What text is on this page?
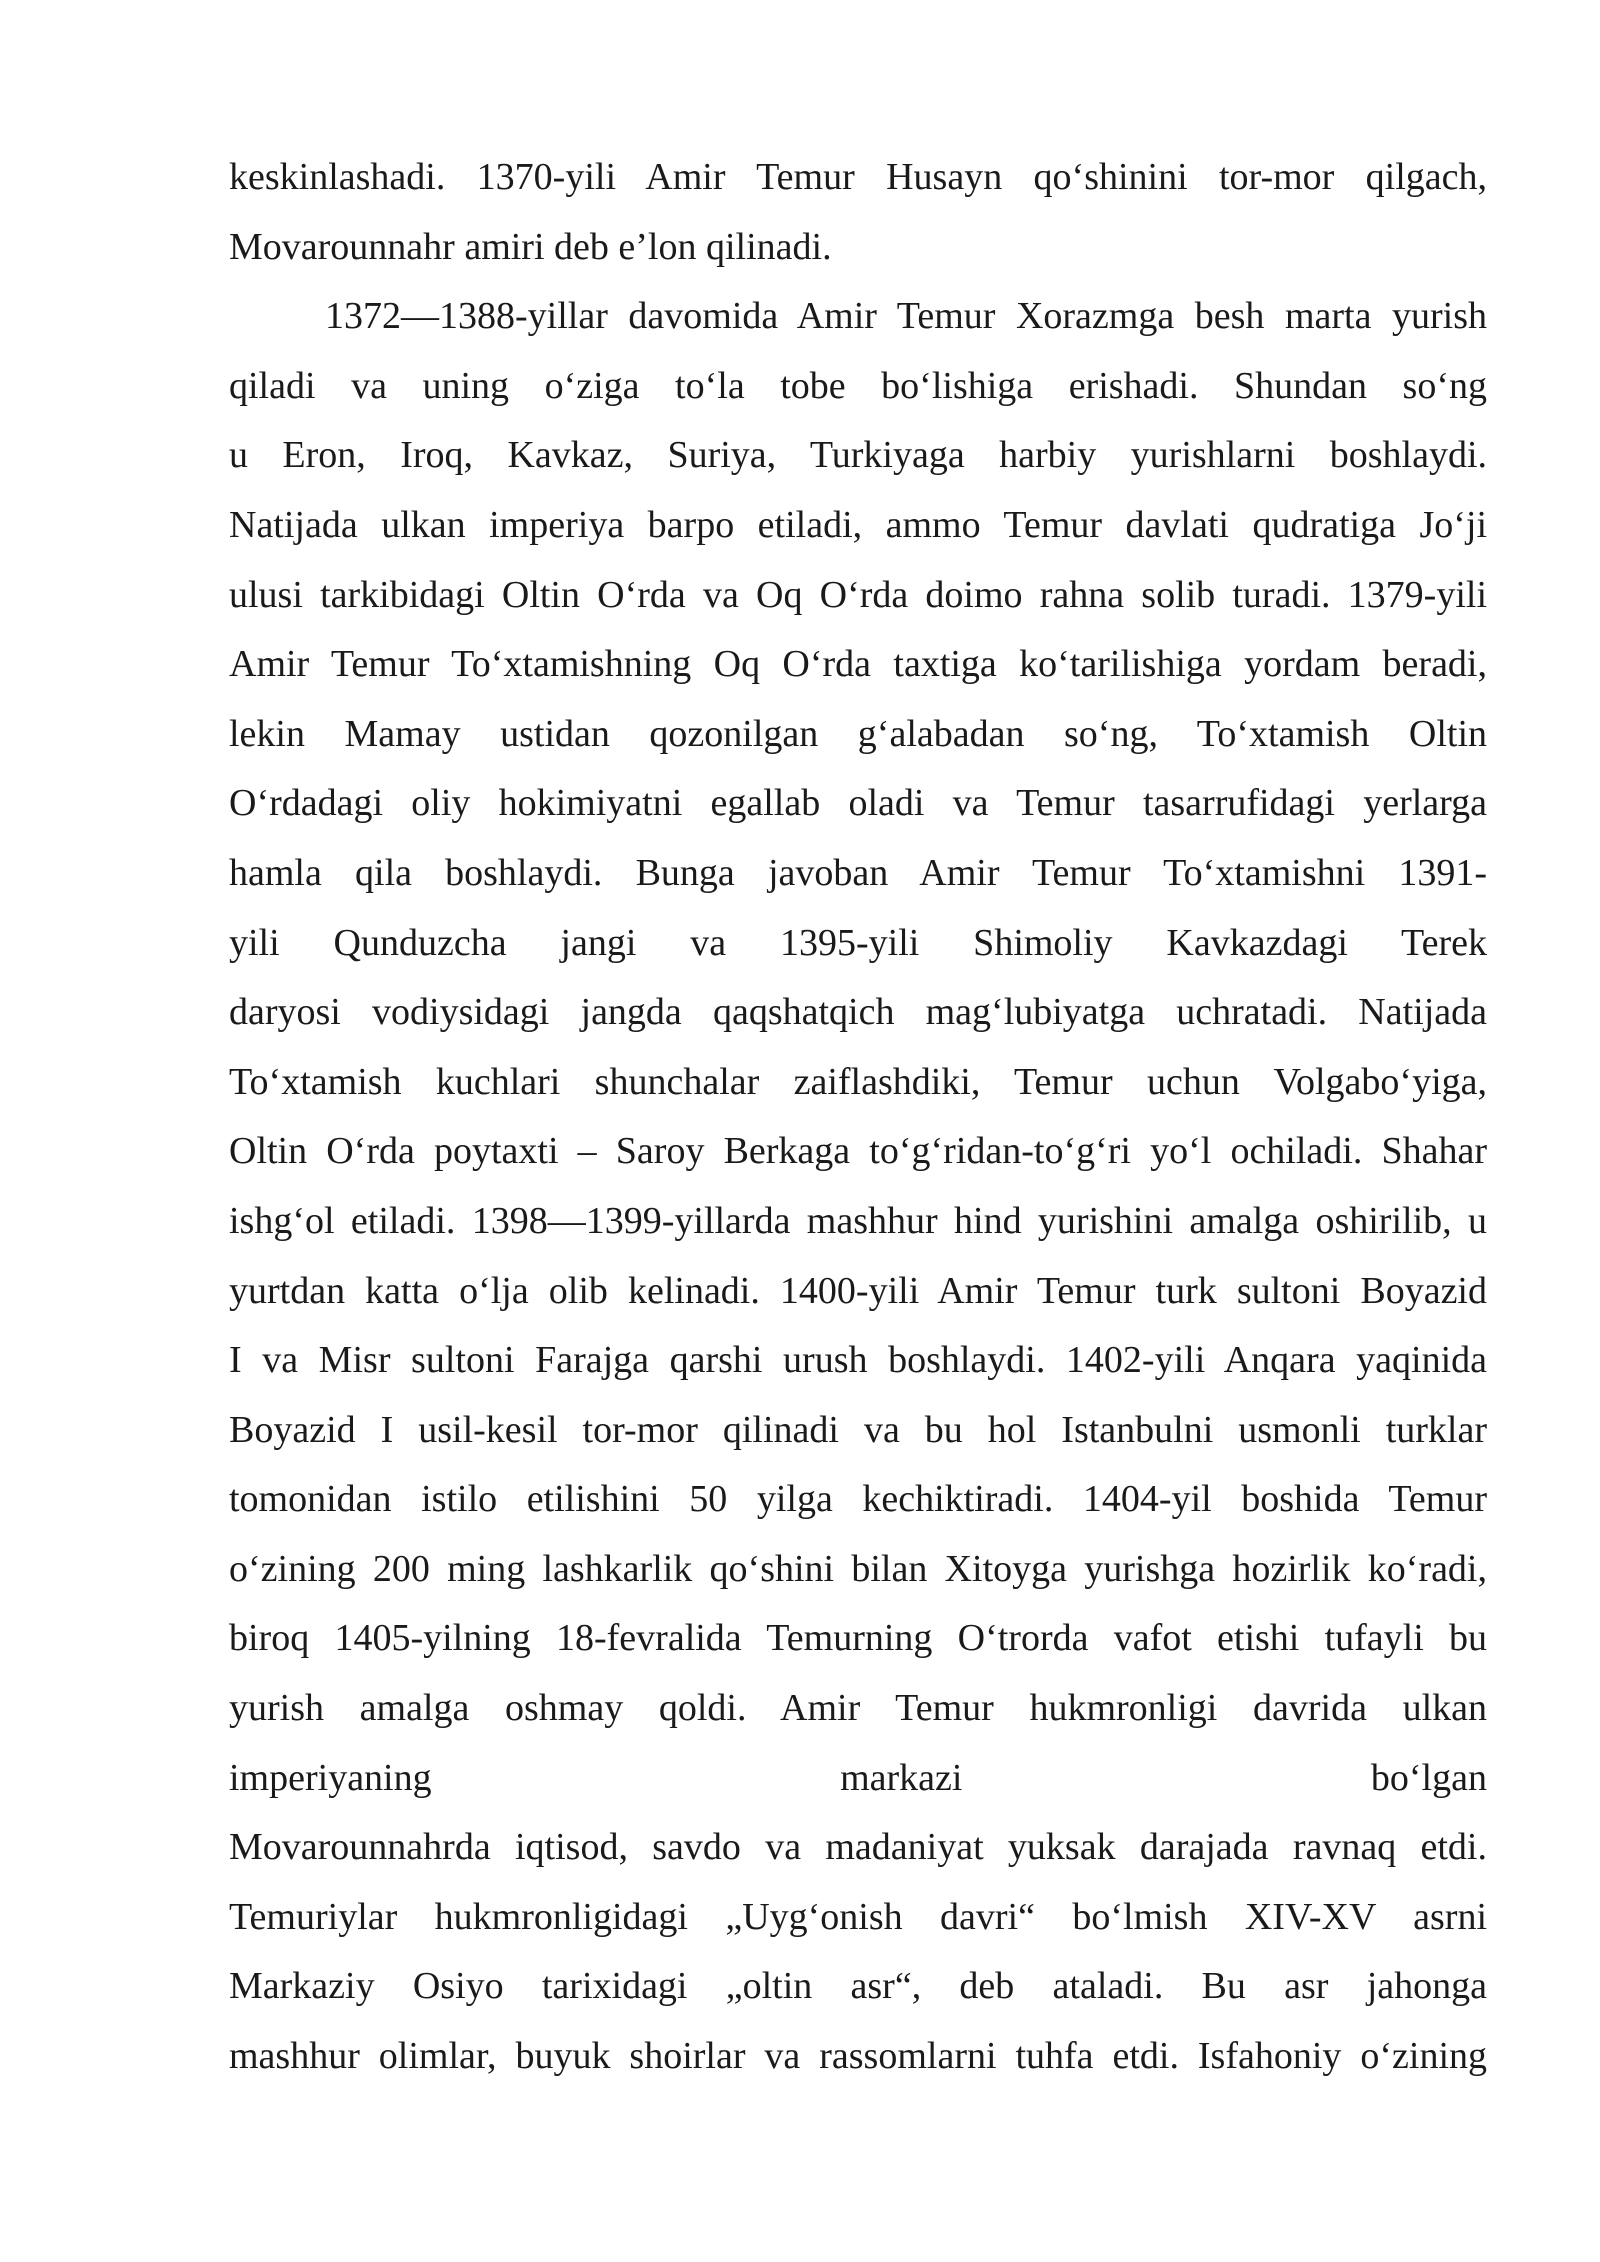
keskinlashadi. 1370-yili Amir Temur Husayn qo‘shinini tor-mor qilgach,
Movarounnahr amiri deb e’lon qilinadi.
1372—1388-yillar davomida Amir Temur Xorazmga besh marta yurish
qiladi va uning o‘ziga to‘la tobe bo‘lishiga erishadi. Shundan so‘ng
u Eron, Iroq, Kavkaz, Suriya, Turkiyaga harbiy yurishlarni boshlaydi.
Natijada ulkan imperiya barpo etiladi, ammo Temur davlati qudratiga Jo‘ji
ulusi tarkibidagi Oltin O‘rda va Oq O‘rda doimo rahna solib turadi. 1379-yili
Amir Temur To‘xtamishning Oq O‘rda taxtiga ko‘tarilishiga yordam beradi,
lekin Mamay ustidan qozonilgan g‘alabadan so‘ng, To‘xtamish Oltin
O‘rdadagi oliy hokimiyatni egallab oladi va Temur tasarrufidagi yerlarga
hamla qila boshlaydi. Bunga javoban Amir Temur To‘xtamishni 1391-
yili Qunduzcha jangi va 1395-yili Shimoliy Kavkazdagi Terek
daryosi vodiysidagi jangda qaqshatqich mag‘lubiyatga uchratadi. Natijada
To‘xtamish kuchlari shunchalar zaiflashdiki, Temur uchun Volgabo‘yiga,
Oltin O‘rda poytaxti – Saroy Berkaga to‘g‘ridan-to‘g‘ri yo‘l ochiladi. Shahar
ishg‘ol etiladi. 1398—1399-yillarda mashhur hind yurishini amalga oshirilib, u
yurtdan katta o‘lja olib kelinadi. 1400-yili Amir Temur turk sultoni Boyazid
I va Misr sultoni Farajga qarshi urush boshlaydi. 1402-yili Anqara yaqinida
Boyazid I usil-kesil tor-mor qilinadi va bu hol Istanbulni usmonli turklar
tomonidan istilo etilishini 50 yilga kechiktiradi. 1404-yil boshida Temur
o‘zining 200 ming lashkarlik qo‘shini bilan Xitoyga yurishga hozirlik ko‘radi,
biroq 1405-yilning 18-fevralida Temurning O‘trorda vafot etishi tufayli bu
yurish amalga oshmay qoldi. Amir Temur hukmronligi davrida ulkan
imperiyaning markazi bo‘lgan
Movarounnahrda iqtisod, savdo va madaniyat yuksak darajada ravnaq etdi.
Temuriylar hukmronligidagi „Uyg‘onish davri“ bo‘lmish XIV-XV asrni
Markaziy Osiyo tarixidagi „oltin asr“, deb ataladi. Bu asr jahonga
mashhur olimlar, buyuk shoirlar va rassomlarni tuhfa etdi. Isfahoniy o‘zining
